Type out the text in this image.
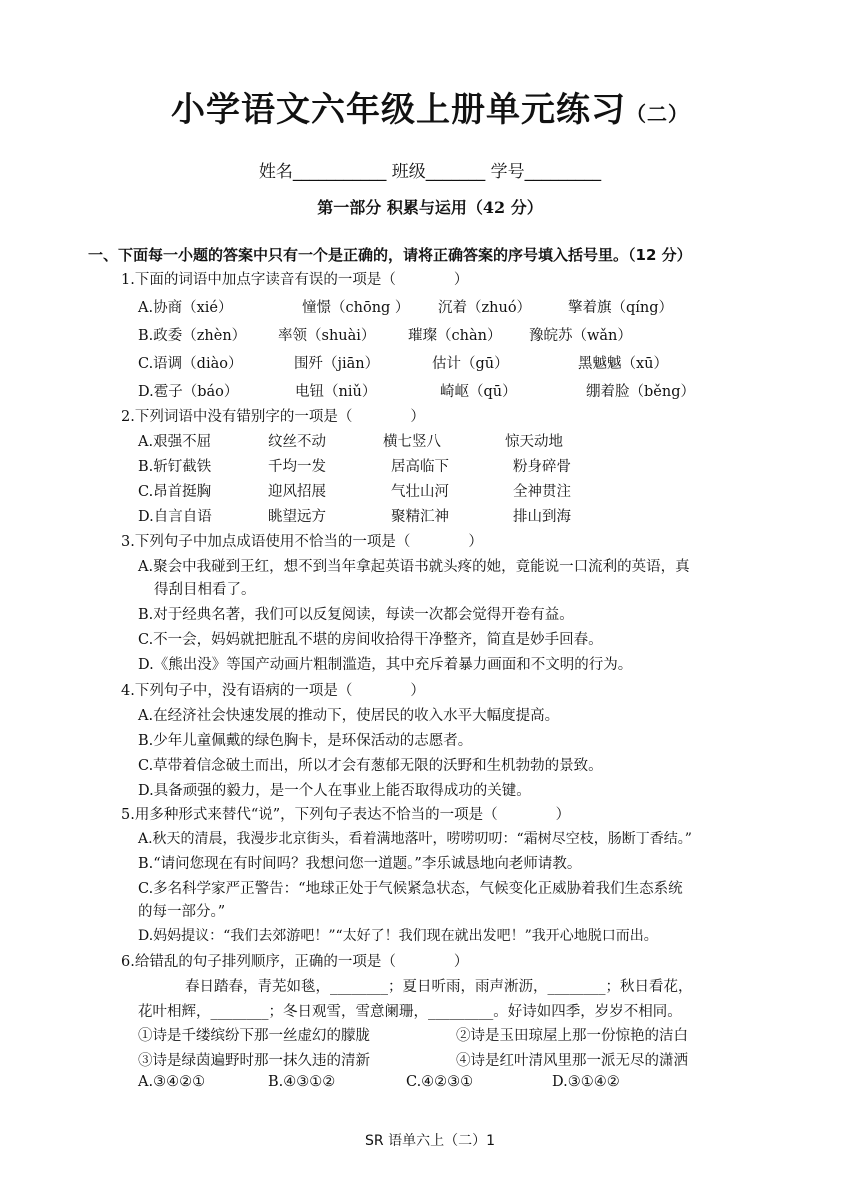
小学语文六年级上册单元练习（二）
姓名___________ 班级_______ 学号_________
第一部分 积累与运用（42 分）
一、下面每一小题的答案中只有一个是正确的，请将正确答案的序号填入括号里。（12 分）
1.下面的词语中加点字读音有误的一项是（　　　　）
A.协商（xié）	憧憬（chōng ） 沉着（zhuó）	擎着旗（qíng）
B.政委（zhèn） 率领（shuài） 璀璨（chàn） 豫皖苏（wǎn）
C.语调（diào）	围歼（jiān）	估计（gū）	黑魆魆（xū）
D.雹子（báo）	电钮（niǔ）	崎岖（qū）	绷着脸（běng）
2.下列词语中没有错别字的一项是（　　　　）
A.艰强不屈	纹丝不动	横七竖八	惊天动地
B.斩钉截铁	千均一发	居高临下	粉身碎骨
C.昂首挺胸	迎风招展	气壮山河	全神贯注
D.自言自语	眺望远方	聚精汇神	排山到海
3.下列句子中加点成语使用不恰当的一项是（　　　　）
A.聚会中我碰到王红，想不到当年拿起英语书就头疼的她，竟能说一口流利的英语，真
得刮目相看了。
B.对于经典名著，我们可以反复阅读，每读一次都会觉得开卷有益。
C.不一会，妈妈就把脏乱不堪的房间收拾得干净整齐，简直是妙手回春。
D.《熊出没》等国产动画片粗制滥造，其中充斥着暴力画面和不文明的行为。
4.下列句子中，没有语病的一项是（　　　　）
A.在经济社会快速发展的推动下，使居民的收入水平大幅度提高。
B.少年儿童佩戴的绿色胸卡，是环保活动的志愿者。
C.草带着信念破土而出，所以才会有葱郁无限的沃野和生机勃勃的景致。
D.具备顽强的毅力，是一个人在事业上能否取得成功的关键。
5.用多种形式来替代“说”，下列句子表达不恰当的一项是（　　　　）
A.秋天的清晨，我漫步北京街头，看着满地落叶，唠唠叨叨：“霜树尽空枝，肠断丁香结。”
B.“请问您现在有时间吗？我想问您一道题。”李乐诚恳地向老师请教。
C.多名科学家严正警告：“地球正处于气候紧急状态，气候变化正威胁着我们生态系统
的每一部分。”
D.妈妈提议：“我们去郊游吧！”“太好了！我们现在就出发吧！”我开心地脱口而出。
6.给错乱的句子排列顺序，正确的一项是（　　　　）
春日踏春，青芜如毯，________；夏日听雨，雨声淅沥，________；秋日看花，
花叶相辉，________；冬日观雪，雪意阑珊，_________。好诗如四季，岁岁不相同。
①诗是千缕缤纷下那一丝虚幻的朦胧	②诗是玉田琼屋上那一份惊艳的洁白
③诗是绿茵遍野时那一抹久违的清新	④诗是红叶清风里那一派无尽的潇洒
A.③④②①	B.④③①②	C.④②③①	D.③①④②
SR 语单六上（二）1
